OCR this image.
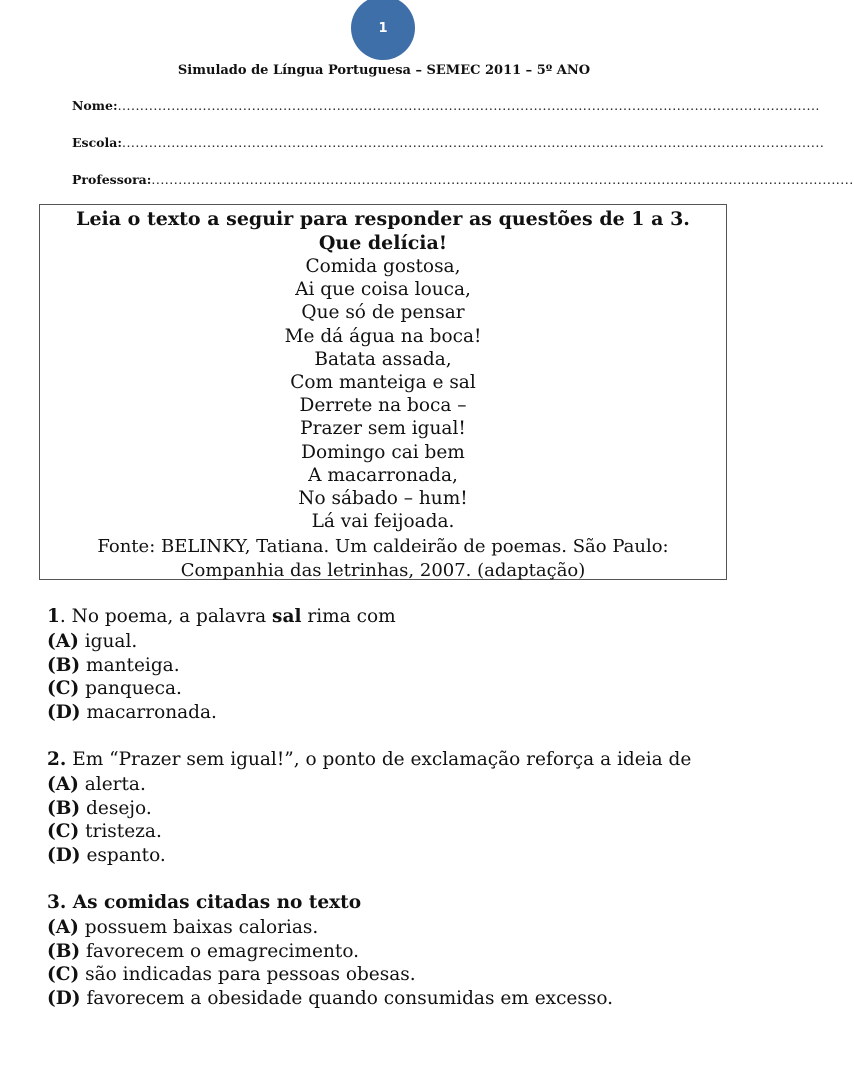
1
Simulado de Língua Portuguesa – SEMEC 2011 – 5º ANO
Nome:.............................................................................................................................................................
Escola:.............................................................................................................................................................
Professora:.............................................................................................................................................................
Leia o texto a seguir para responder as questões de 1 a 3.
Que delícia!
Comida gostosa,
Ai que coisa louca,
Que só de pensar
Me dá água na boca!
Batata assada,
Com manteiga e sal
Derrete na boca –
Prazer sem igual!
Domingo cai bem
A macarronada,
No sábado – hum!
Lá vai feijoada.
Fonte: BELINKY, Tatiana. Um caldeirão de poemas. São Paulo:
Companhia das letrinhas, 2007. (adaptação)
1. No poema, a palavra sal rima com
(A) igual.
(B) manteiga.
(C) panqueca.
(D) macarronada.
2. Em “Prazer sem igual!”, o ponto de exclamação reforça a ideia de
(A) alerta.
(B) desejo.
(C) tristeza.
(D) espanto.
3. As comidas citadas no texto
(A) possuem baixas calorias.
(B) favorecem o emagrecimento.
(C) são indicadas para pessoas obesas.
(D) favorecem a obesidade quando consumidas em excesso.
